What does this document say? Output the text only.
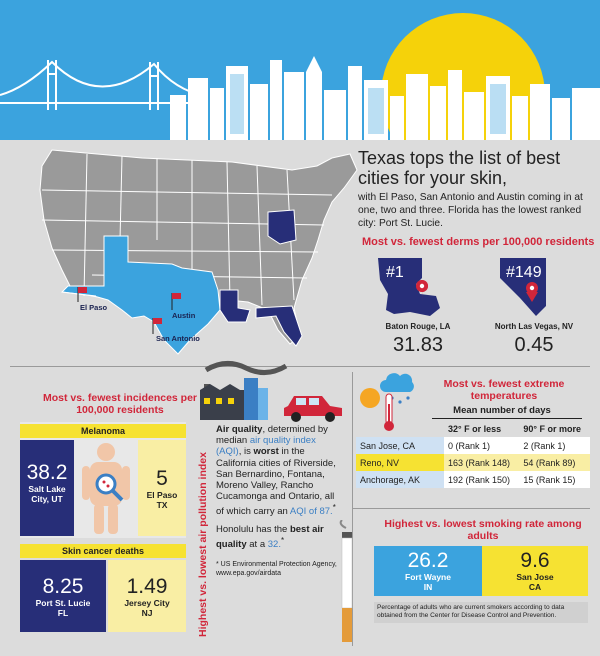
El Paso
Austin
San Antonio
Texas tops the list of best cities for your skin,
with El Paso, San Antonio and Austin coming in at one, two and three. Florida has the lowest ranked city: Port St. Lucie.
Most vs. fewest derms per 100,000 residents
#1	#149
Baton Rouge, LA	North Las Vegas, NV
31.83	0.45
Most vs. fewest incidences per 100,000 residents
Melanoma
38.2
Salt Lake City, UT
5
El Paso
TX
Skin cancer deaths
8.25
Port St. Lucie
FL
1.49
Jersey City
NJ	Highest vs. lowest air pollution index
Air quality, determined by median air quality index (AQI), is worst in the California cities of Riverside, San Bernardino, Fontana, Moreno Valley, Rancho Cucamonga and Ontario, all of which carry an AQI of 87.*
Honolulu has the best air quality at a 32.*
* US Environmental Protection Agency, www.epa.gov/airdata
Most vs. fewest extreme temperatures
Mean number of days
	32° F or less	90° F or more
San Jose, CA	0 (Rank 1)	2 (Rank 1)
Reno, NV	163 (Rank 148)	54 (Rank 89)
Anchorage, AK	192 (Rank 150)	15 (Rank 15)
Highest vs. lowest smoking rate among adults
26.2
Fort Wayne
IN
9.6
San Jose
CA
Percentage of adults who are current smokers according to data obtained from the Center for Disease Control and Prevention.
